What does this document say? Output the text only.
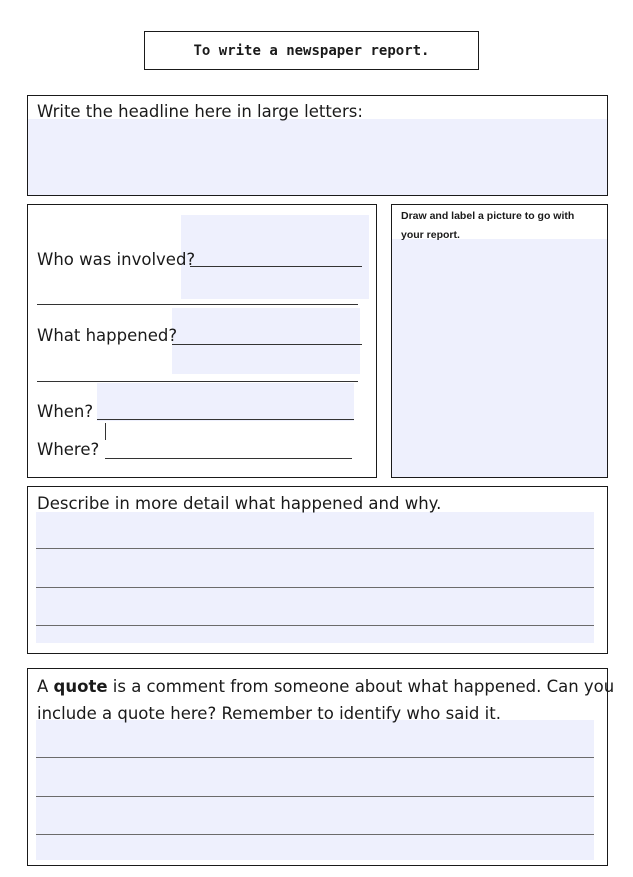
To write a newspaper report.
Write the headline here in large letters:
Who was involved?
What happened?
When?
Where?
Draw and label a picture to go with
your report.
Describe in more detail what happened and why.
A quote is a comment from someone about what happened. Can you
include a quote here? Remember to identify who said it.
